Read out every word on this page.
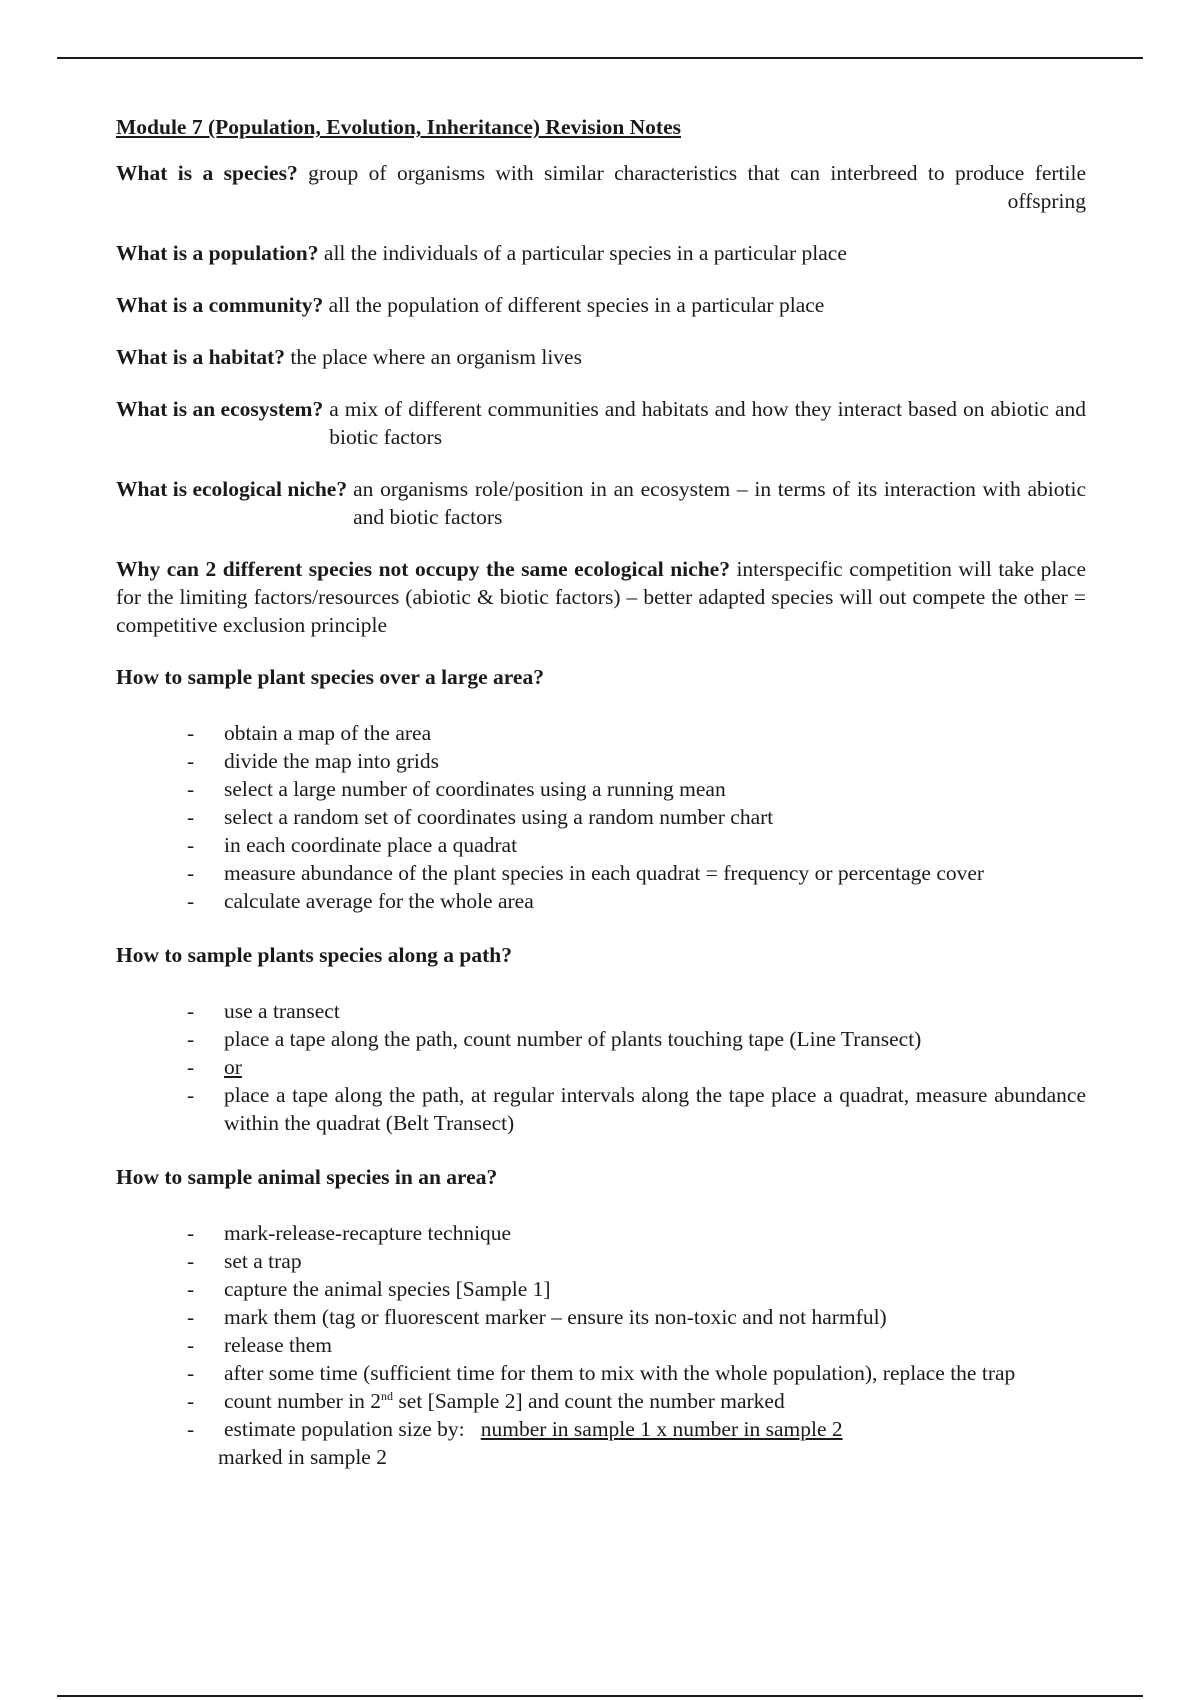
Module 7 (Population, Evolution, Inheritance) Revision Notes

What is a species? group of organisms with similar characteristics that can interbreed to produce fertile offspring

What is a population? all the individuals of a particular species in a particular place

What is a community? all the population of different species in a particular place

What is a habitat? the place where an organism lives

What is an ecosystem? a mix of different communities and habitats and how they interact based on abiotic and biotic factors
What is ecological niche? an organisms role/position in an ecosystem – in terms of its interaction with abiotic and biotic factors

Why can 2 different species not occupy the same ecological niche? interspecific competition will take place for the limiting factors/resources (abiotic & biotic factors) – better adapted species will out compete the other = competitive exclusion principle

How to sample plant species over a large area?

- obtain a map of the area
- divide the map into grids
- select a large number of coordinates using a running mean
- select a random set of coordinates using a random number chart
- in each coordinate place a quadrat
- measure abundance of the plant species in each quadrat = frequency or percentage cover
- calculate average for the whole area

How to sample plants species along a path?

- use a transect
- place a tape along the path, count number of plants touching tape (Line Transect)
- or
- place a tape along the path, at regular intervals along the tape place a quadrat, measure abundance within the quadrat (Belt Transect)

How to sample animal species in an area?

- mark-release-recapture technique
- set a trap
- capture the animal species [Sample 1]
- mark them (tag or fluorescent marker – ensure its non-toxic and not harmful)
- release them
- after some time (sufficient time for them to mix with the whole population), replace the trap
- count number in 2nd set [Sample 2] and count the number marked
- estimate population size by: number in sample 1 x number in sample 2
marked in sample 2
